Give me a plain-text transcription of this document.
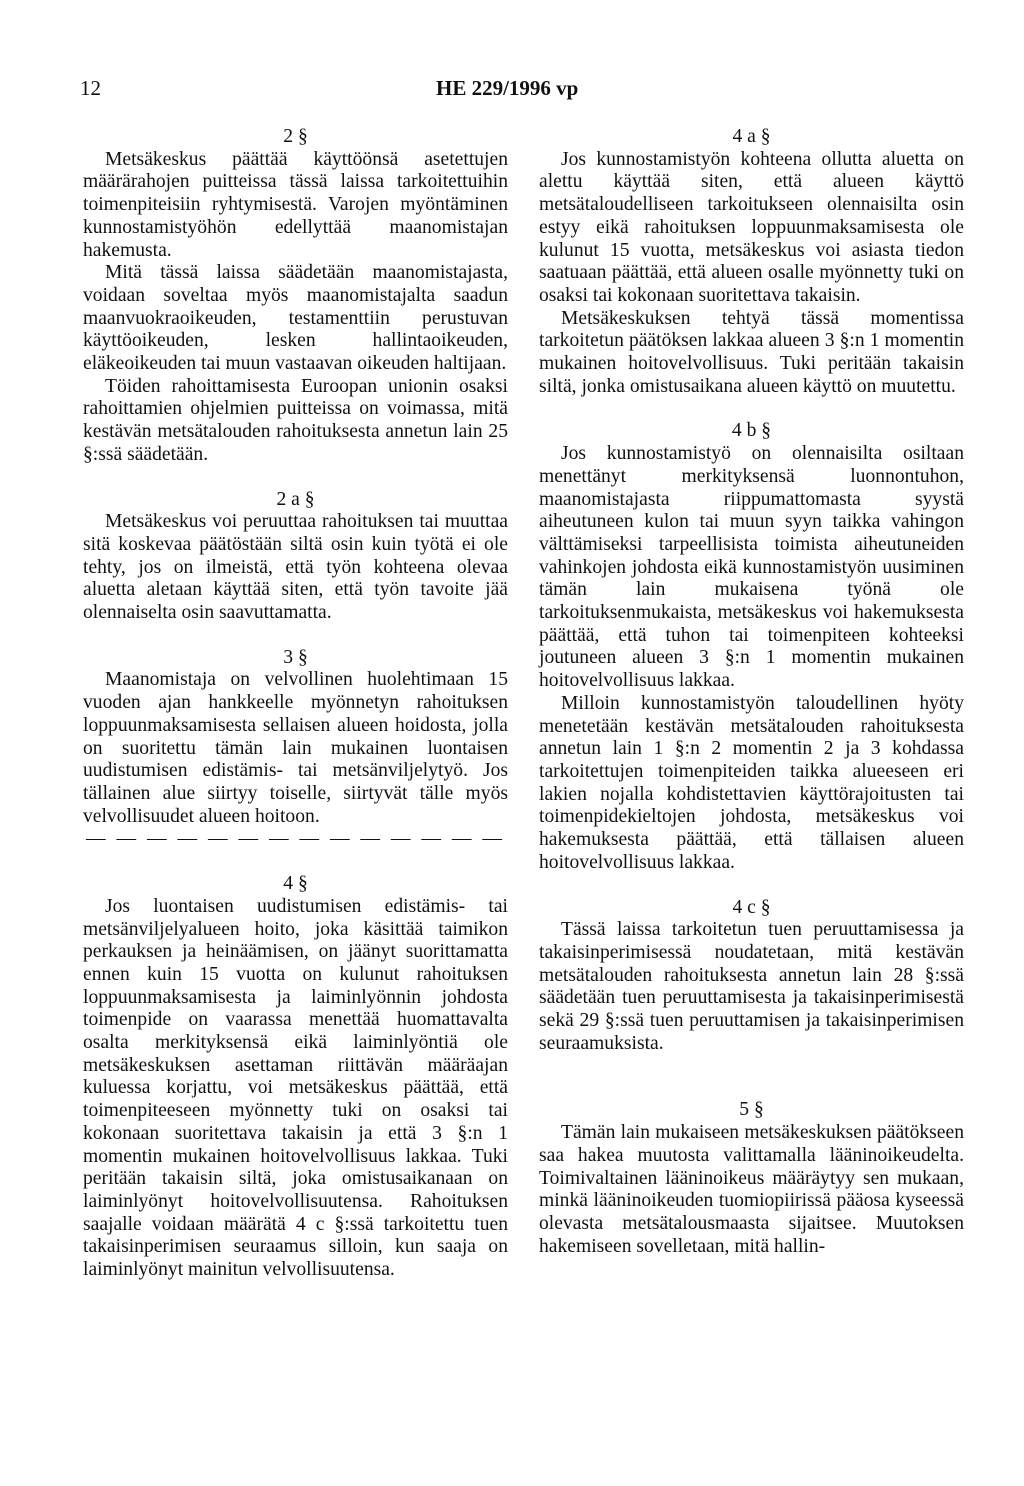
12	HE 229/1996 vp

2 §

Metsäkeskus päättää käyttöönsä asetettujen määrärahojen puitteissa tässä laissa tarkoitettuihin toimenpiteisiin ryhtymisestä. Varojen myöntäminen kunnostamistyöhön edellyttää maanomistajan hakemusta.

Mitä tässä laissa säädetään maanomistajasta, voidaan soveltaa myös maanomistajalta saadun maanvuokraoikeuden, testamenttiin perustuvan käyttöoikeuden, lesken hallintaoikeuden, eläkeoikeuden tai muun vastaavan oikeuden haltijaan.

Töiden rahoittamisesta Euroopan unionin osaksi rahoittamien ohjelmien puitteissa on voimassa, mitä kestävän metsätalouden rahoituksesta annetun lain 25 §:ssä säädetään.

2 a §

Metsäkeskus voi peruuttaa rahoituksen tai muuttaa sitä koskevaa päätöstään siltä osin kuin työtä ei ole tehty, jos on ilmeistä, että työn kohteena olevaa aluetta aletaan käyttää siten, että työn tavoite jää olennaiselta osin saavuttamatta.

3 §

Maanomistaja on velvollinen huolehtimaan 15 vuoden ajan hankkeelle myönnetyn rahoituksen loppuunmaksamisesta sellaisen alueen hoidosta, jolla on suoritettu tämän lain mukainen luontaisen uudistumisen edistämis- tai metsänviljelytyö. Jos tällainen alue siirtyy toiselle, siirtyvät tälle myös velvollisuudet alueen hoitoon.

— — — — — — — — — — — — — —

4 §

Jos luontaisen uudistumisen edistämis- tai metsänviljelyalueen hoito, joka käsittää taimikon perkauksen ja heinäämisen, on jäänyt suorittamatta ennen kuin 15 vuotta on kulunut rahoituksen loppuunmaksamisesta ja laiminlyönnin johdosta toimenpide on vaarassa menettää huomattavalta osalta merkityksensä eikä laiminlyöntiä ole metsäkeskuksen asettaman riittävän määräajan kuluessa korjattu, voi metsäkeskus päättää, että toimenpiteeseen myönnetty tuki on osaksi tai kokonaan suoritettava takaisin ja että 3 §:n 1 momentin mukainen hoitovelvollisuus lakkaa. Tuki peritään takaisin siltä, joka omistusaikanaan on laiminlyönyt hoitovelvollisuutensa. Rahoituksen saajalle voidaan määrätä 4 c §:ssä tarkoitettu tuen takaisinperimisen seuraamus silloin, kun saaja on laiminlyönyt mainitun velvollisuutensa.

4 a §

Jos kunnostamistyön kohteena ollutta aluetta on alettu käyttää siten, että alueen käyttö metsätaloudelliseen tarkoitukseen olennaisilta osin estyy eikä rahoituksen loppuunmaksamisesta ole kulunut 15 vuotta, metsäkeskus voi asiasta tiedon saatuaan päättää, että alueen osalle myönnetty tuki on osaksi tai kokonaan suoritettava takaisin.

Metsäkeskuksen tehtyä tässä momentissa tarkoitetun päätöksen lakkaa alueen 3 §:n 1 momentin mukainen hoitovelvollisuus. Tuki peritään takaisin siltä, jonka omistusaikana alueen käyttö on muutettu.

4 b §

Jos kunnostamistyö on olennaisilta osiltaan menettänyt merkityksensä luonnontuhon, maanomistajasta riippumattomasta syystä aiheutuneen kulon tai muun syyn taikka vahingon välttämiseksi tarpeellisista toimista aiheutuneiden vahinkojen johdosta eikä kunnostamistyön uusiminen tämän lain mukaisena työnä ole tarkoituksenmukaista, metsäkeskus voi hakemuksesta päättää, että tuhon tai toimenpiteen kohteeksi joutuneen alueen 3 §:n 1 momentin mukainen hoitovelvollisuus lakkaa.

Milloin kunnostamistyön taloudellinen hyöty menetetään kestävän metsätalouden rahoituksesta annetun lain 1 §:n 2 momentin 2 ja 3 kohdassa tarkoitettujen toimenpiteiden taikka alueeseen eri lakien nojalla kohdistettavien käyttörajoitusten tai toimenpidekieltojen johdosta, metsäkeskus voi hakemuksesta päättää, että tällaisen alueen hoitovelvollisuus lakkaa.

4 c §

Tässä laissa tarkoitetun tuen peruuttamisessa ja takaisinperimisessä noudatetaan, mitä kestävän metsätalouden rahoituksesta annetun lain 28 §:ssä säädetään tuen peruuttamisesta ja takaisinperimisestä sekä 29 §:ssä tuen peruuttamisen ja takaisinperimisen seuraamuksista.

5 §

Tämän lain mukaiseen metsäkeskuksen päätökseen saa hakea muutosta valittamalla lääninoikeudelta. Toimivaltainen lääninoikeus määräytyy sen mukaan, minkä lääninoikeuden tuomiopiirissä pääosa kyseessä olevasta metsätalousmaasta sijaitsee. Muutoksen hakemiseen sovelletaan, mitä hallin-
